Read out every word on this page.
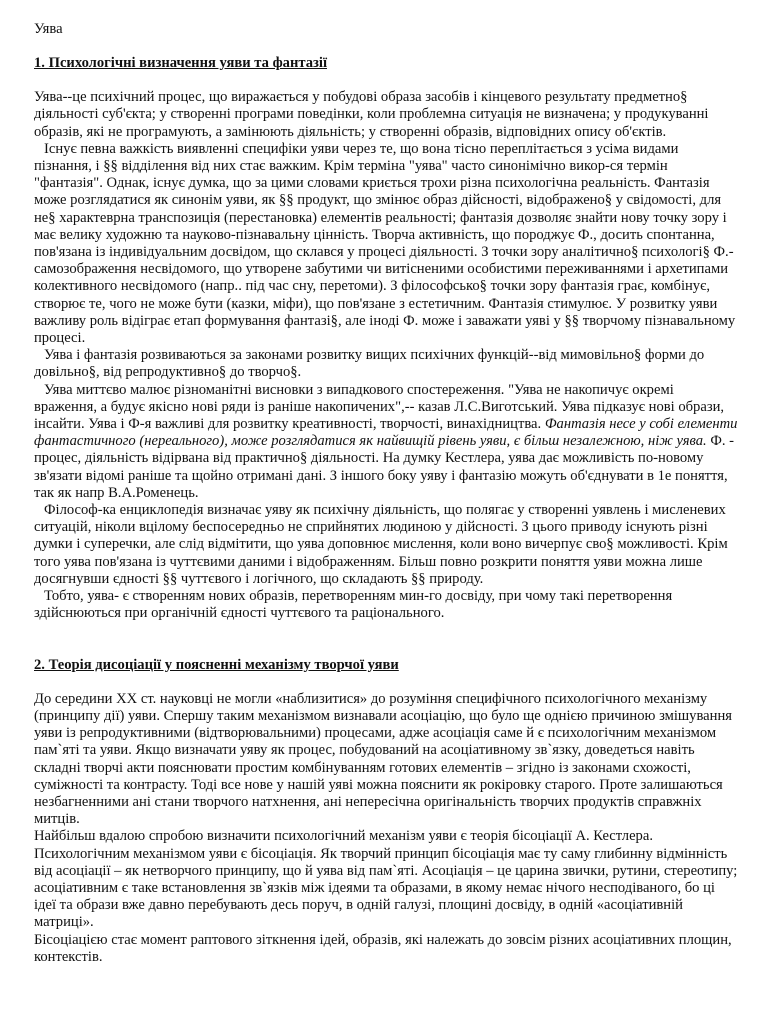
Уява

1. Психологічні визначення уяви та фантазії

Уява--це психічний процес, що виражається у побудові образа засобів і кінцевого результату предметно§ діяльності суб'єкта; у створенні програми поведінки, коли проблемна ситуація не визначена; у продукуванні образів, які не програмують, а замінюють діяльність; у створенні образів, відповідних опису об'єктів.

Існує певна важкість виявленні специфіки уяви через те, що вона тісно переплітається з усіма видами пізнання, і §§ відділення від них стає важким. Крім терміна "уява" часто синонімічно викор-ся термін "фантазія". Однак, існує думка, що за цими словами криється трохи різна психологічна реальність. Фантазія може розглядатися як синонім уяви, як §§ продукт, що змінює образ дійсності, відображено§ у свідомості, для не§ характеврна транспозиція (перестановка) елементів реальності; фантазія дозволяє знайти нову точку зору і має велику художню та науково-пізнавальну цінність. Творча активність, що породжує Ф., досить спонтанна, пов'язана із індивідуальним досвідом, що склався у процесі діяльності. З точки зору аналітично§ психологі§ Ф.- самозображення несвідомого, що утворене забутими чи витісненими особистими переживаннями і архетипами колективного несвідомого (напр.. під час сну, перетоми). З філософсько§ точки зору фантазія грає, комбінує, створює те, чого не може бути (казки, міфи), що пов'язане з естетичним. Фантазія стимулює. У розвитку уяви важливу роль відіграє етап формування фантазі§, але іноді Ф. може і заважати уяві у §§ творчому пізнавальному процесі.

Уява і фантазія розвиваються за законами розвитку вищих психічних функцій--від мимовільно§ форми до довільно§, від репродуктивно§ до творчо§.

Уява миттєво малює різноманітні висновки з випадкового спостереження. "Уява не накопичує окремі враження, а будує якісно нові ряди із раніше накопичених",-- казав Л.С.Виготський. Уява підказує нові образи, інсайти. Уява і Ф-я важливі для розвитку креативності, творчості, винахідництва. Фантазія несе у собі елементи фантастичного (нереального), може розглядатися як найвищій рівень уяви, є більш незалежною, ніж уява. Ф. - процес, діяльність відірвана від практично§ діяльності. На думку Кестлера, уява дає можливість по-новому зв'язати відомі раніше та щойно отримані дані. З іншого боку уяву і фантазію можуть об'єднувати в 1е поняття, так як напр В.А.Роменець.

Філософ-ка енциклопедія визначає уяву як психічну діяльність, що полягає у створенні уявлень і мисленевих ситуацій, ніколи вцілому беспосередньо не сприйнятих людиною у дійсності. З цього приводу існують різні думки і суперечки, але слід відмітити, що уява доповнює мислення, коли воно вичерпує сво§ можливості. Крім того уява пов'язана із чуттєвими даними і відображенням. Більш повно розкрити поняття уяви можна лише досягнувши єдності §§ чуттєвого і логічного, що складають §§ природу.

Тобто, уява- є створенням нових образів, перетворенням мин-го досвіду, при чому такі перетворення здійснюються при органічній єдності чуттєвого та раціонального.

2. Теорія дисоціації у поясненні механізму творчої уяви

До середини XX ст. науковці не могли «наблизитися» до розуміння специфічного психологічного механізму (принципу дії) уяви. Спершу таким механізмом визнавали асоціацію, що було ще однією причиною змішування уяви із репродуктивними (відтворювальними) процесами, адже асоціація саме й є психологічним механізмом пам`яті та уяви. Якщо визначати уяву як процес, побудований на асоціативному зв`язку, доведеться навіть складні творчі акти пояснювати простим комбінуванням готових елементів – згідно із законами схожості, суміжності та контрасту. Тоді все нове у нашій уяві можна пояснити як рокіровку старого. Проте залишаються незбагненними ані стани творчого натхнення, ані непересічна оригінальність творчих продуктів справжніх митців.

Найбільш вдалою спробою визначити психологічний механізм уяви є теорія бісоціації А. Кестлера. Психологічним механізмом уяви є бісоціація. Як творчий принцип бісоціація має ту саму глибинну відмінність від асоціації – як нетворчого принципу, що й уява від пам`яті. Асоціація – це царина звички, рутини, стереотипу; асоціативним є таке встановлення зв`язків між ідеями та образами, в якому немає нічого несподіваного, бо ці ідеї та образи вже давно перебувають десь поруч, в одній галузі, площині досвіду, в одній «асоціативній матриці».

Бісоціацією стає момент раптового зіткнення ідей, образів, які належать до зовсім різних асоціативних площин, контекстів.
